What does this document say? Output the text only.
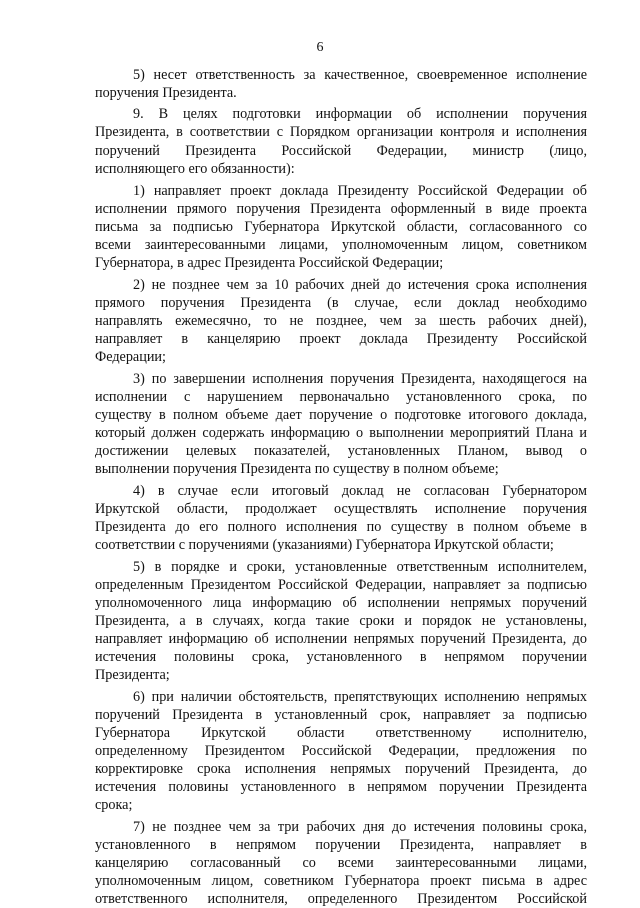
6

5) несет ответственность за качественное, своевременное исполнение

поручения Президента.

9. В целях подготовки информации об исполнении поручения

Президента, в соответствии с Порядком организации контроля и исполнения

поручений Президента Российской Федерации, министр (лицо,

исполняющего его обязанности):

1) направляет проект доклада Президенту Российской Федерации об

исполнении прямого поручения Президента оформленный в виде проекта

письма за подписью Губернатора Иркутской области, согласованного со

всеми заинтересованными лицами, уполномоченным лицом, советником

Губернатора, в адрес Президента Российской Федерации;

2) не позднее чем за 10 рабочих дней до истечения срока исполнения

прямого поручения Президента (в случае, если доклад необходимо

направлять ежемесячно, то не позднее, чем за шесть рабочих дней),

направляет в канцелярию проект доклада Президенту Российской

Федерации;

3) по завершении исполнения поручения Президента, находящегося на

исполнении с нарушением первоначально установленного срока, по

существу в полном объеме дает поручение о подготовке итогового доклада,

который должен содержать информацию о выполнении мероприятий Плана и

достижении целевых показателей, установленных Планом, вывод о

выполнении поручения Президента по существу в полном объеме;

4) в случае если итоговый доклад не согласован Губернатором

Иркутской области, продолжает осуществлять исполнение поручения

Президента до его полного исполнения по существу в полном объеме в

соответствии с поручениями (указаниями) Губернатора Иркутской области;

5) в порядке и сроки, установленные ответственным исполнителем,

определенным Президентом Российской Федерации, направляет за подписью

уполномоченного лица информацию об исполнении непрямых поручений

Президента, а в случаях, когда такие сроки и порядок не установлены,

направляет информацию об исполнении непрямых поручений Президента, до

истечения половины срока, установленного в непрямом поручении

Президента;

6) при наличии обстоятельств, препятствующих исполнению непрямых

поручений Президента в установленный срок, направляет за подписью

Губернатора Иркутской области ответственному исполнителю,

определенному Президентом Российской Федерации, предложения по

корректировке срока исполнения непрямых поручений Президента, до

истечения половины установленного в непрямом поручении Президента

срока;

7) не позднее чем за три рабочих дня до истечения половины срока,

установленного в непрямом поручении Президента, направляет в

канцелярию согласованный со всеми заинтересованными лицами,

уполномоченным лицом, советником Губернатора проект письма в адрес

ответственного исполнителя, определенного Президентом Российской
